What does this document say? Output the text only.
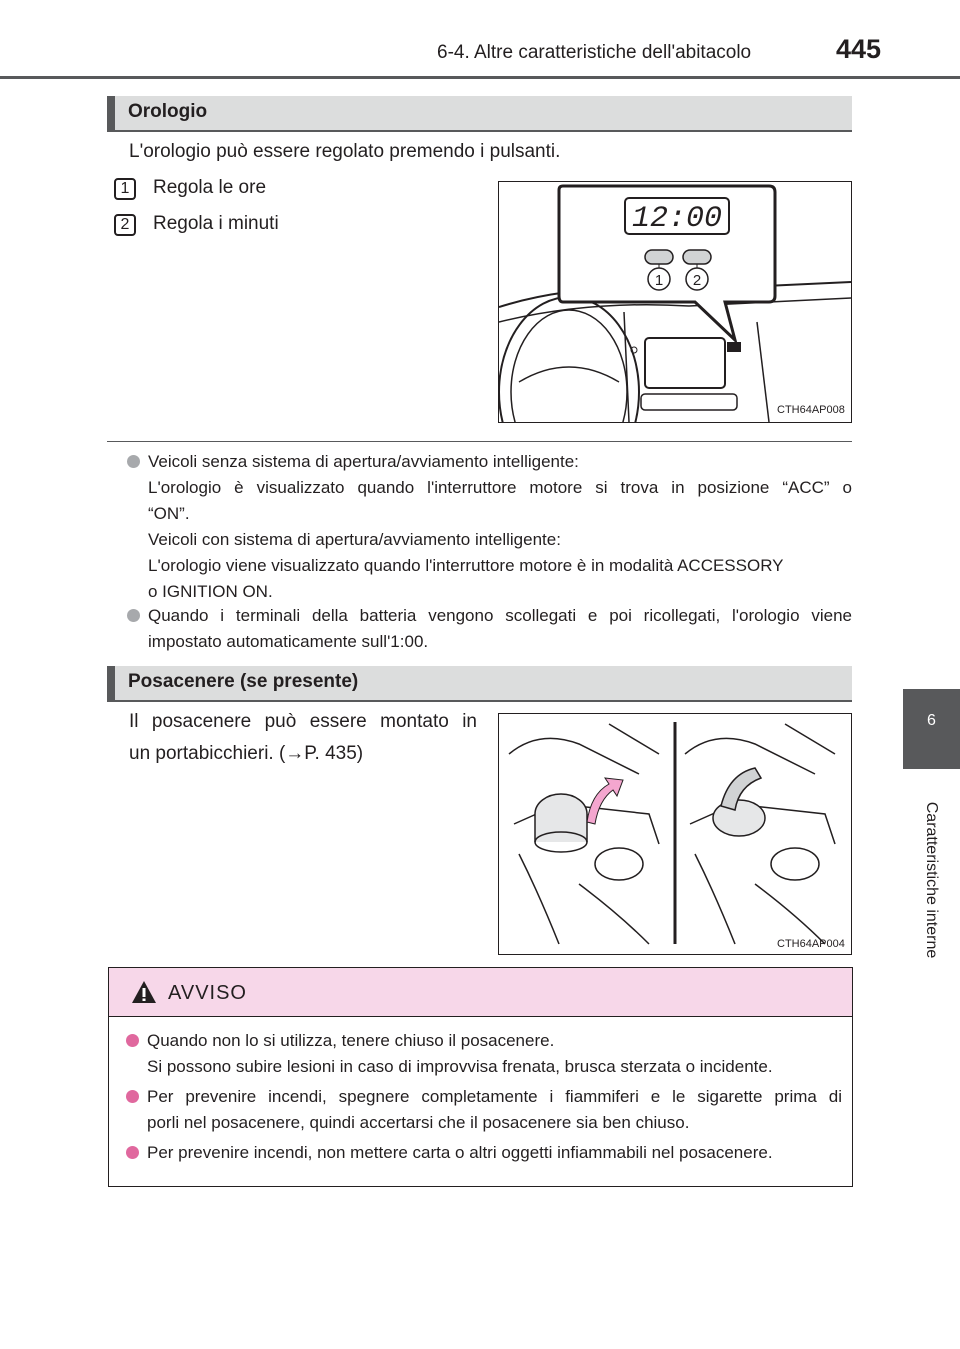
6-4. Altre caratteristiche dell'abitacolo	445
6
Caratteristiche interne
Orologio
L'orologio può essere regolato premendo i pulsanti.
1	Regola le ore
2	Regola i minuti	12:00
1 2
CTH64AP008
Veicoli senza sistema di apertura/avviamento intelligente:
L'orologio è visualizzato quando l'interruttore motore si trova in posizione “ACC” o
“ON”.
Veicoli con sistema di apertura/avviamento intelligente:
L'orologio viene visualizzato quando l'interruttore motore è in modalità ACCESSORY
o IGNITION ON.
Quando i terminali della batteria vengono scollegati e poi ricollegati, l'orologio viene
impostato automaticamente sull'1:00.
Posacenere (se presente)
Il posacenere può essere montato in
un portabicchieri. (→P. 435)
CTH64AP004
AVVISO
Quando non lo si utilizza, tenere chiuso il posacenere.
Si possono subire lesioni in caso di improvvisa frenata, brusca sterzata o incidente.
Per prevenire incendi, spegnere completamente i fiammiferi e le sigarette prima di
porli nel posacenere, quindi accertarsi che il posacenere sia ben chiuso.
Per prevenire incendi, non mettere carta o altri oggetti infiammabili nel posacenere.
